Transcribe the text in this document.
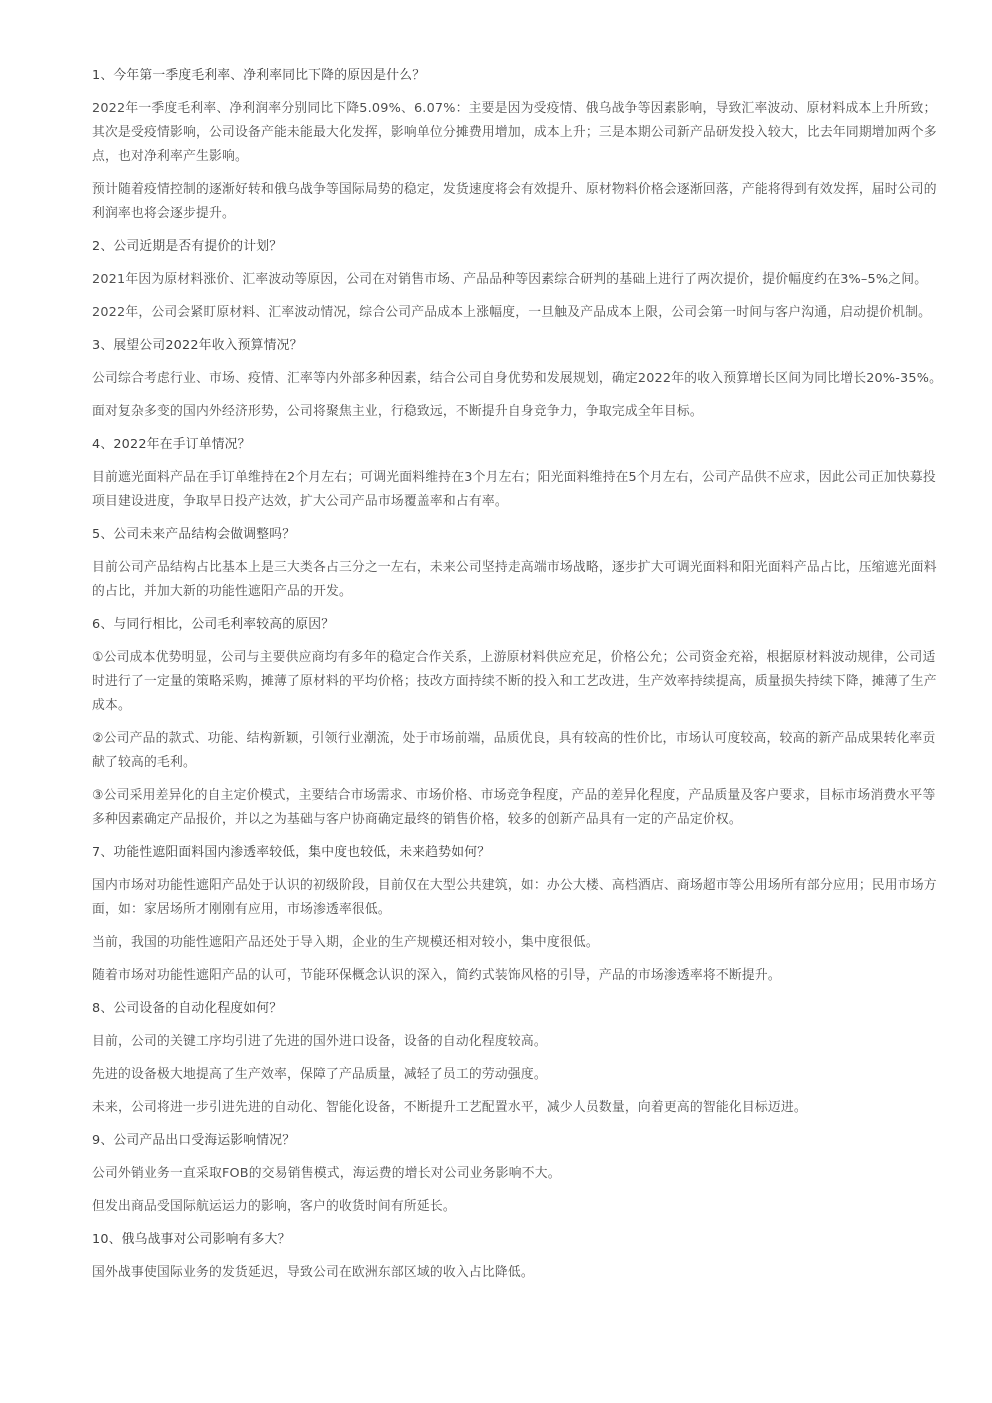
1、今年第一季度毛利率、净利率同比下降的原因是什么？

2022年一季度毛利率、净利润率分别同比下降5.09%、6.07%：主要是因为受疫情、俄乌战争等因素影响，导致汇率波动、原材料成本上升所致；其次是受疫情影响，公司设备产能未能最大化发挥，影响单位分摊费用增加，成本上升；三是本期公司新产品研发投入较大，比去年同期增加两个多点，也对净利率产生影响。

预计随着疫情控制的逐渐好转和俄乌战争等国际局势的稳定，发货速度将会有效提升、原材物料价格会逐渐回落，产能将得到有效发挥，届时公司的利润率也将会逐步提升。

2、公司近期是否有提价的计划？

2021年因为原材料涨价、汇率波动等原因，公司在对销售市场、产品品种等因素综合研判的基础上进行了两次提价，提价幅度约在3%–5%之间。

2022年，公司会紧盯原材料、汇率波动情况，综合公司产品成本上涨幅度，一旦触及产品成本上限，公司会第一时间与客户沟通，启动提价机制。

3、展望公司2022年收入预算情况？

公司综合考虑行业、市场、疫情、汇率等内外部多种因素，结合公司自身优势和发展规划，确定2022年的收入预算增长区间为同比增长20%-35%。

面对复杂多变的国内外经济形势，公司将聚焦主业，行稳致远，不断提升自身竞争力，争取完成全年目标。

4、2022年在手订单情况？

目前遮光面料产品在手订单维持在2个月左右；可调光面料维持在3个月左右；阳光面料维持在5个月左右，公司产品供不应求，因此公司正加快募投项目建设进度，争取早日投产达效，扩大公司产品市场覆盖率和占有率。

5、公司未来产品结构会做调整吗？

目前公司产品结构占比基本上是三大类各占三分之一左右，未来公司坚持走高端市场战略，逐步扩大可调光面料和阳光面料产品占比，压缩遮光面料的占比，并加大新的功能性遮阳产品的开发。

6、与同行相比，公司毛利率较高的原因？

①公司成本优势明显，公司与主要供应商均有多年的稳定合作关系，上游原材料供应充足，价格公允；公司资金充裕，根据原材料波动规律，公司适时进行了一定量的策略采购，摊薄了原材料的平均价格；技改方面持续不断的投入和工艺改进，生产效率持续提高，质量损失持续下降，摊薄了生产成本。

②公司产品的款式、功能、结构新颖，引领行业潮流，处于市场前端，品质优良，具有较高的性价比，市场认可度较高，较高的新产品成果转化率贡献了较高的毛利。

③公司采用差异化的自主定价模式，主要结合市场需求、市场价格、市场竞争程度，产品的差异化程度，产品质量及客户要求，目标市场消费水平等多种因素确定产品报价，并以之为基础与客户协商确定最终的销售价格，较多的创新产品具有一定的产品定价权。

7、功能性遮阳面料国内渗透率较低，集中度也较低，未来趋势如何？

国内市场对功能性遮阳产品处于认识的初级阶段，目前仅在大型公共建筑，如：办公大楼、高档酒店、商场超市等公用场所有部分应用；民用市场方面，如：家居场所才刚刚有应用，市场渗透率很低。

当前，我国的功能性遮阳产品还处于导入期，企业的生产规模还相对较小，集中度很低。

随着市场对功能性遮阳产品的认可，节能环保概念认识的深入，简约式装饰风格的引导，产品的市场渗透率将不断提升。

8、公司设备的自动化程度如何？

目前，公司的关键工序均引进了先进的国外进口设备，设备的自动化程度较高。

先进的设备极大地提高了生产效率，保障了产品质量，减轻了员工的劳动强度。

未来，公司将进一步引进先进的自动化、智能化设备，不断提升工艺配置水平，减少人员数量，向着更高的智能化目标迈进。

9、公司产品出口受海运影响情况？

公司外销业务一直采取FOB的交易销售模式，海运费的增长对公司业务影响不大。

但发出商品受国际航运运力的影响，客户的收货时间有所延长。

10、俄乌战事对公司影响有多大？

国外战事使国际业务的发货延迟，导致公司在欧洲东部区域的收入占比降低。
